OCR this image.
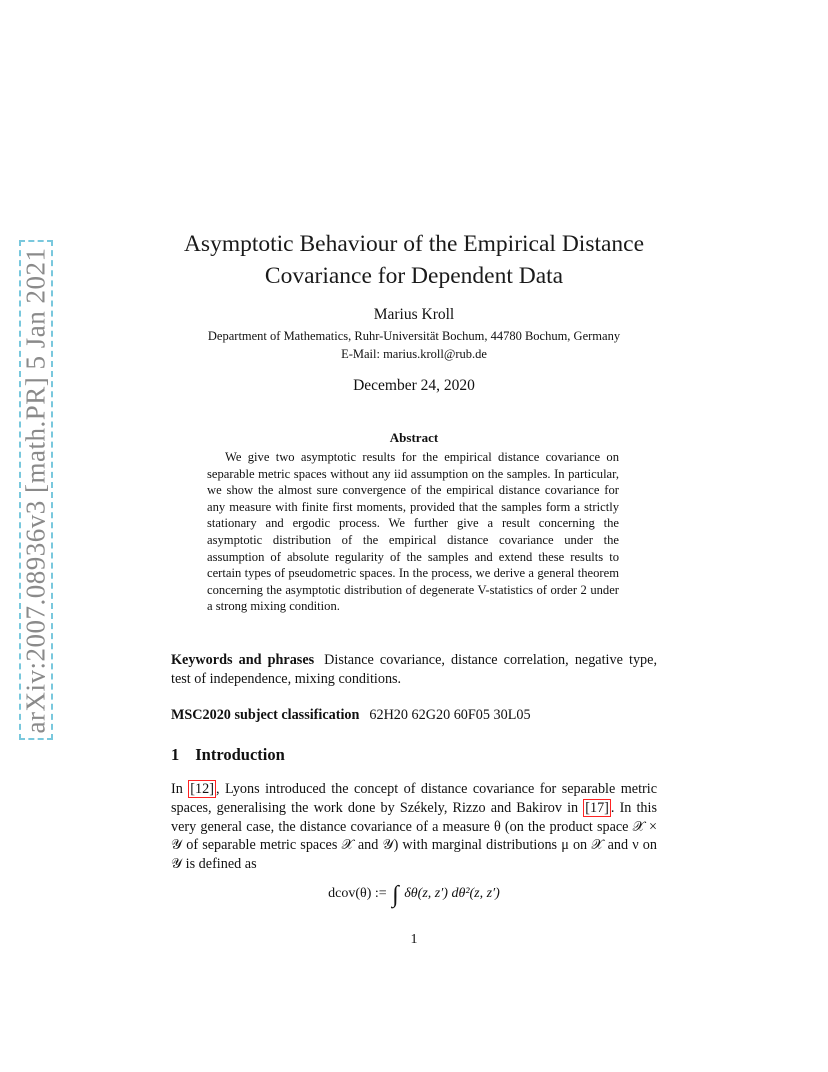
arXiv:2007.08936v3 [math.PR] 5 Jan 2021
Asymptotic Behaviour of the Empirical Distance
Covariance for Dependent Data
Marius Kroll
Department of Mathematics, Ruhr-Universität Bochum, 44780 Bochum, Germany
E-Mail: marius.kroll@rub.de
December 24, 2020
Abstract
We give two asymptotic results for the empirical distance covariance on separable metric spaces without any iid assumption on the samples. In particular, we show the almost sure convergence of the empirical distance covariance for any measure with finite first moments, provided that the samples form a strictly stationary and ergodic process. We further give a result concerning the asymptotic distribution of the empirical distance covariance under the assumption of absolute regularity of the samples and extend these results to certain types of pseudometric spaces. In the process, we derive a general theorem concerning the asymptotic distribution of degenerate V-statistics of order 2 under a strong mixing condition.
Keywords and phrases Distance covariance, distance correlation, negative type, test of independence, mixing conditions.
MSC2020 subject classification 62H20 62G20 60F05 30L05
1 Introduction
In [12] , Lyons introduced the concept of distance covariance for separable metric spaces, generalising the work done by Székely, Rizzo and Bakirov in [17] . In this very general case, the distance covariance of a measure θ (on the product space 𝒳 × 𝒴 of separable metric spaces 𝒳 and 𝒴) with marginal distributions μ on 𝒳 and ν on 𝒴 is defined as
dcov(θ) := ∫ δθ(z, z′) dθ²(z, z′)
1
